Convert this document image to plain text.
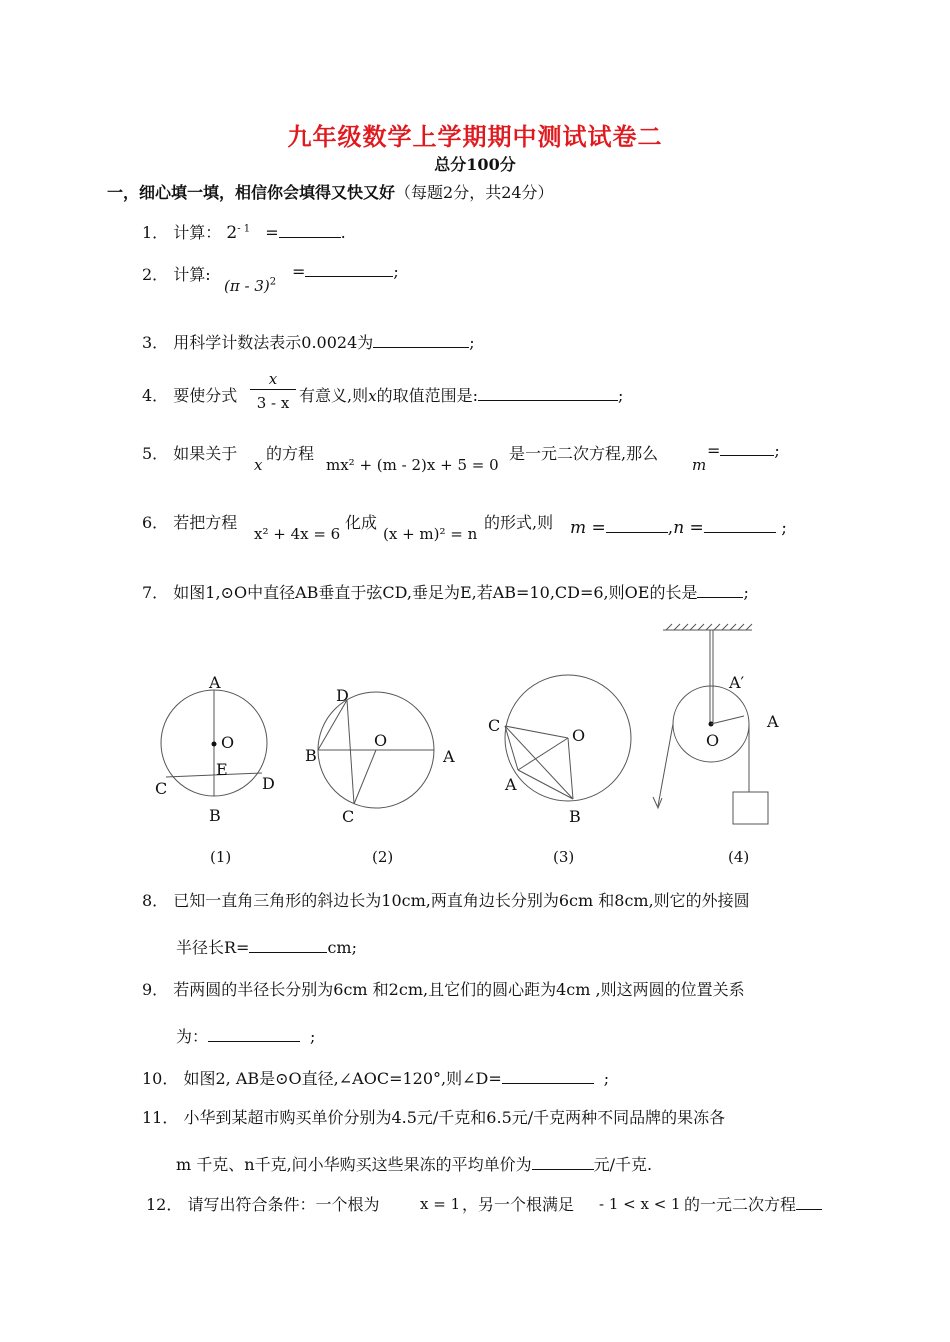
九年级数学上学期期中测试试卷二
总分100分
一，细心填一填，相信你会填得又快又好（每题2分，共24分）
1． 计算： $2^{- 1}$ =	.
2． 计算:
(π - 3)$^2$
=	;
3． 用科学计数法表示0.0024为	;
4． 要使分式 $\frac{x}{3 - x}$ 有意义,则x的取值范围是:	;
5． 如果关于
x
的方程
mx² + (m - 2)x + 5 = 0
是一元二次方程,那么
m
=	;
6． 若把方程
x² + 4x = 6
化成
(x + m)² = n
的形式,则 m =	,n =	;
7． 如图1,⊙O中直径AB垂直于弦CD,垂足为E,若AB=10,CD=6,则OE的长是	;
A
O
E
C	D
B
D
B
O
A
C
C
O
A
B
A′
O
A
(1)	(2)	(3)	(4)
8． 已知一直角三角形的斜边长为10cm,两直角边长分别为6cm 和8cm,则它的外接圆
半径长R=	cm;
9． 若两圆的半径长分别为6cm 和2cm,且它们的圆心距为4cm ,则这两圆的位置关系
为：	;
10． 如图2, AB是⊙O直径,∠AOC=120°,则∠D=	;
11． 小华到某超市购买单价分别为4.5元/千克和6.5元/千克两种不同品牌的果冻各
m 千克、n千克,问小华购买这些果冻的平均单价为	元/千克.
12． 请写出符合条件：一个根为	x = 1 ，另一个根满足 - 1 < x < 1 的一元二次方程
